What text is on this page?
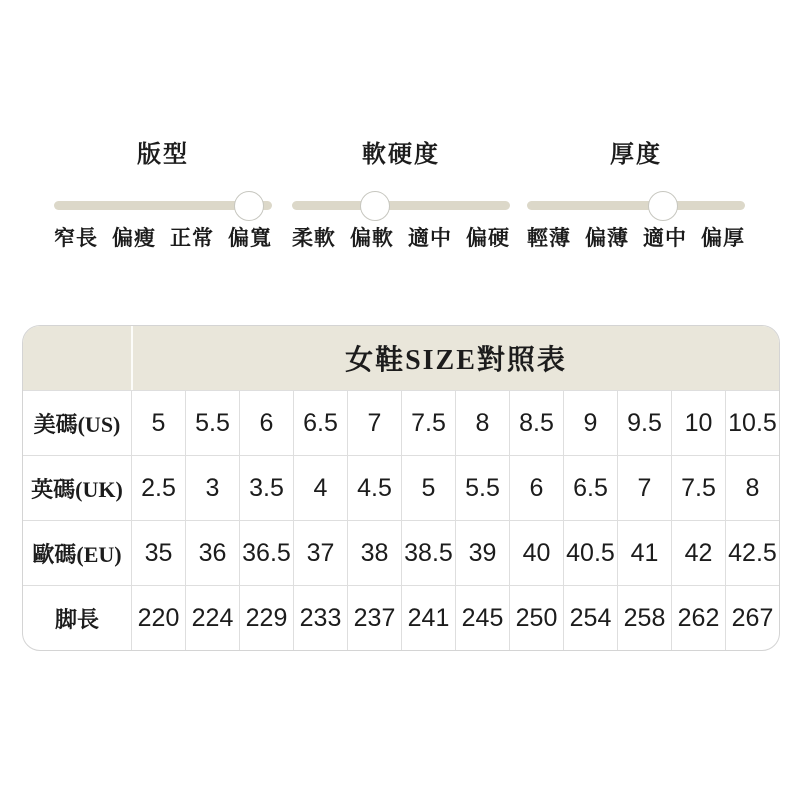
版型
窄長 偏瘦 正常 偏寬
軟硬度
柔軟 偏軟 適中 偏硬
厚度
輕薄 偏薄 適中 偏厚
女鞋SIZE對照表
美碼(US)	5	5.5	6	6.5	7	7.5	8	8.5	9	9.5 10 10.5
英碼(UK) 2.5	3	3.5	4	4.5	5	5.5	6	6.5	7	7.5	8
歐碼(EU) 35	36 36.5 37	38 38.5 39	40 40.5 41	42 42.5
脚長	220 224 229 233 237 241 245 250 254 258 262 267
